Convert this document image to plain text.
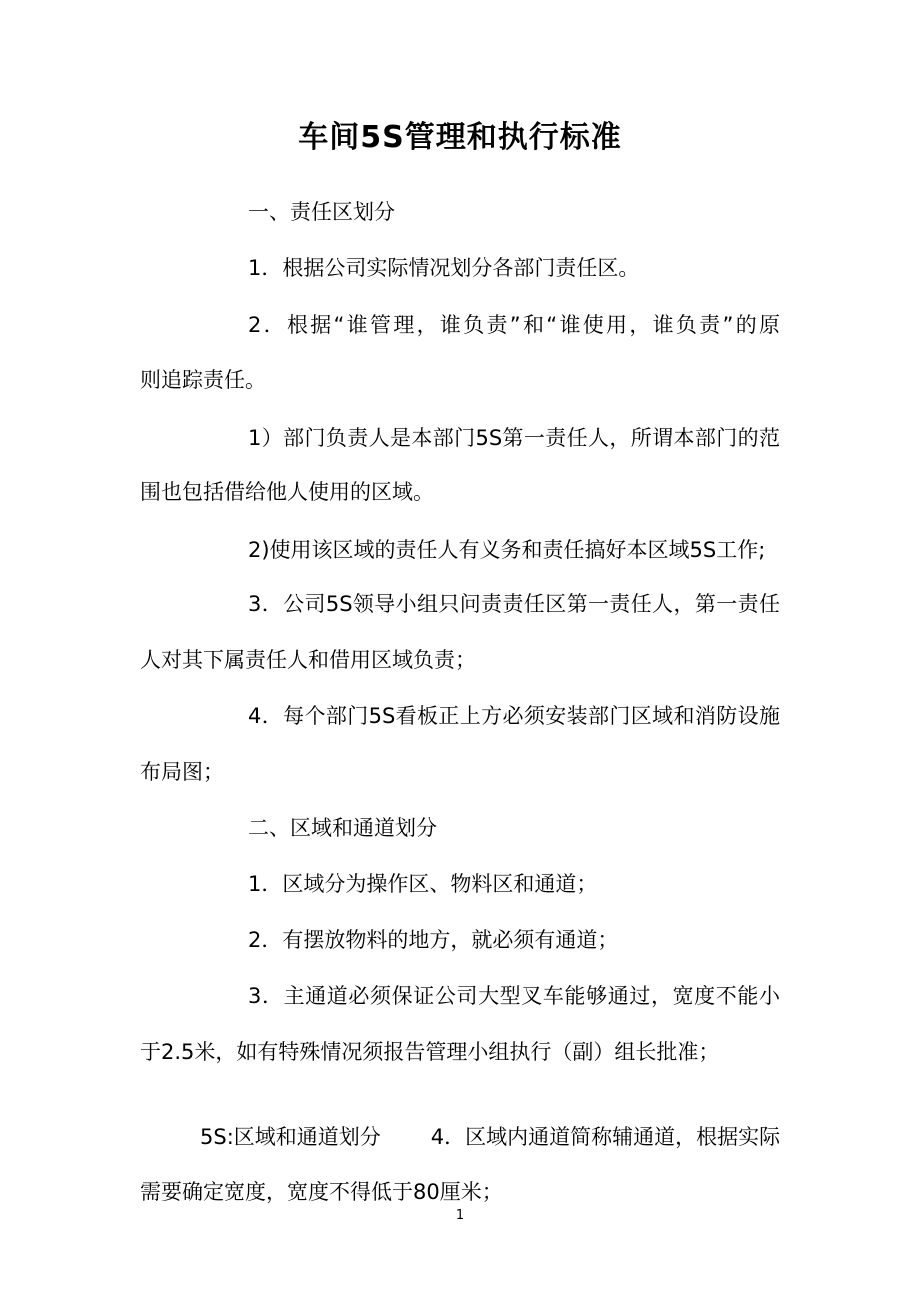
车间5S管理和执行标准
一、责任区划分
1．根据公司实际情况划分各部门责任区。
2．根据“谁管理，谁负责”和“谁使用，谁负责”的原
则追踪责任。
1）部门负责人是本部门5S第一责任人，所谓本部门的范
围也包括借给他人使用的区域。
2)使用该区域的责任人有义务和责任搞好本区域5S工作;
3．公司5S领导小组只问责责任区第一责任人，第一责任
人对其下属责任人和借用区域负责；
4．每个部门5S看板正上方必须安装部门区域和消防设施
布局图；
二、区域和通道划分
1．区域分为操作区、物料区和通道；
2．有摆放物料的地方，就必须有通道；
3．主通道必须保证公司大型叉车能够通过，宽度不能小
于2.5米，如有特殊情况须报告管理小组执行（副）组长批准；
5S:区域和通道划分 4．区域内通道简称辅通道，根据实际
需要确定宽度，宽度不得低于80厘米；
1
